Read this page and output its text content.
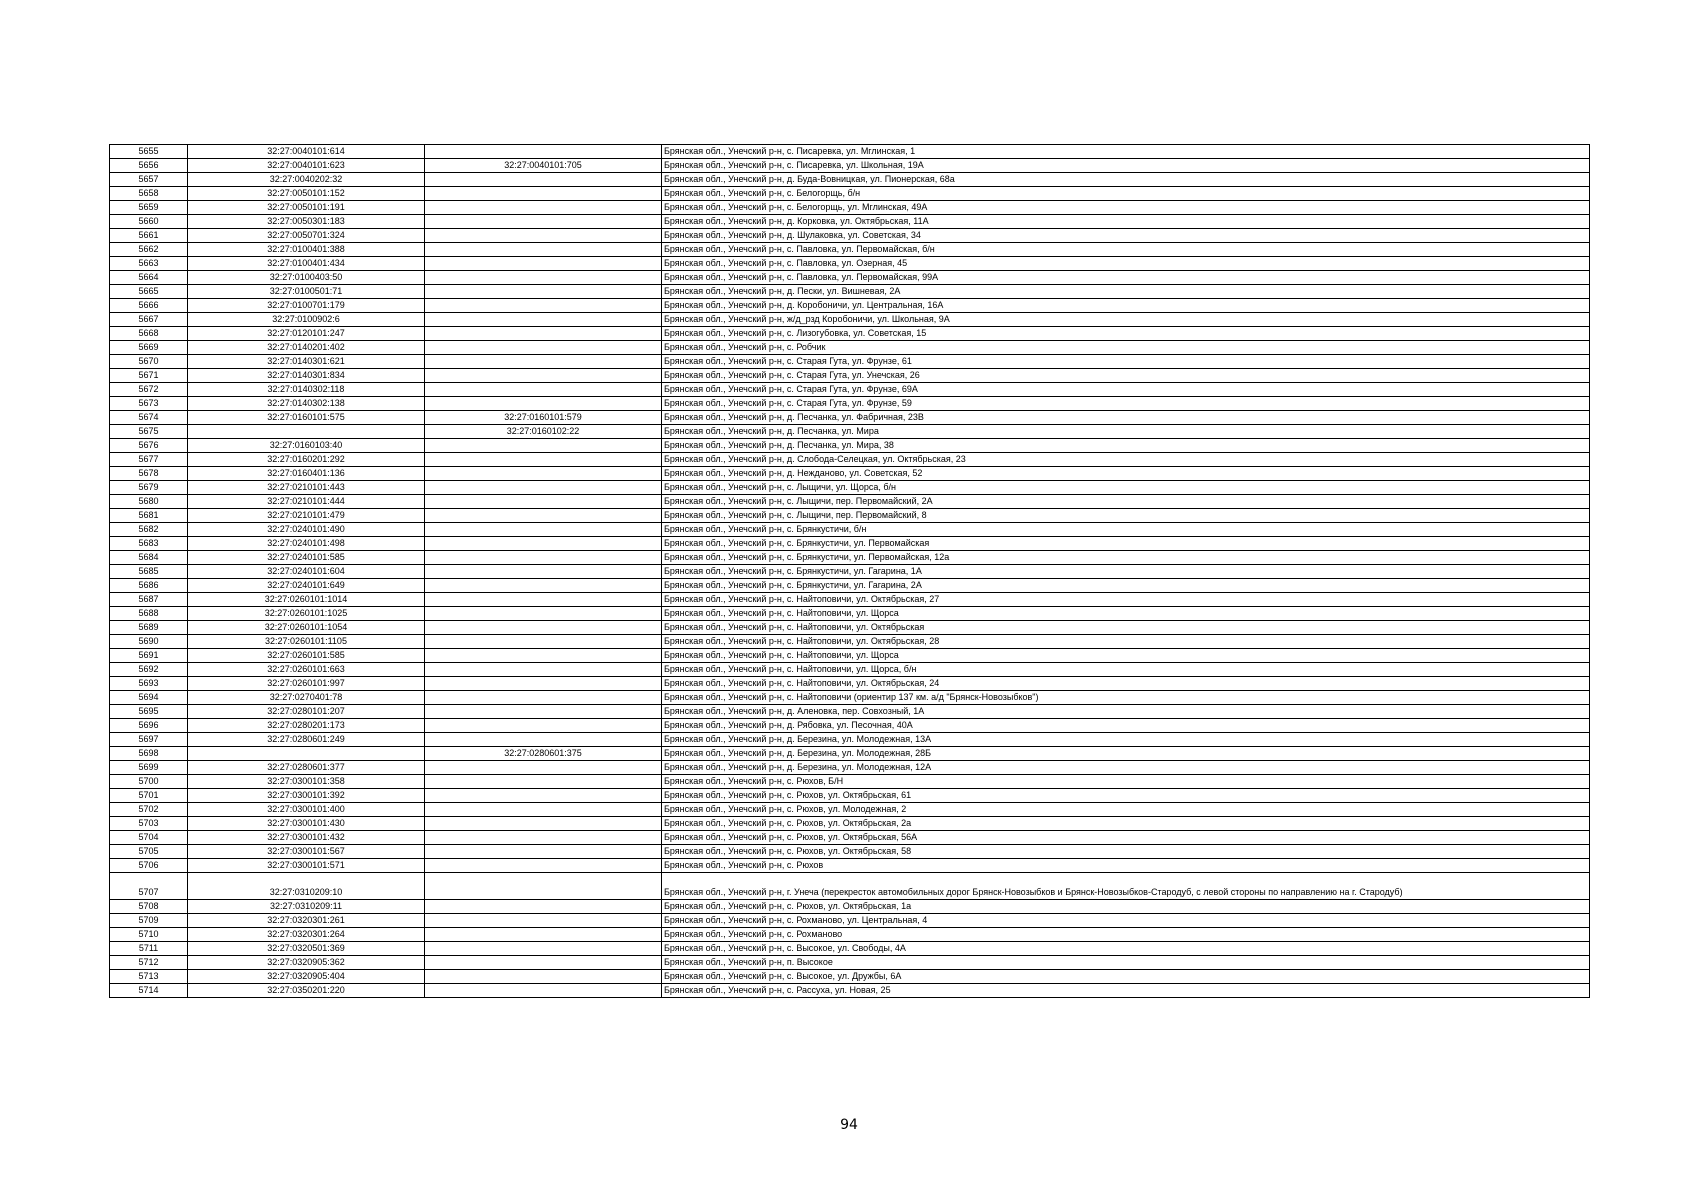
5655	32:27:0040101:614		Брянская обл., Унечский р-н, с. Писаревка, ул. Мглинская, 1
5656	32:27:0040101:623	32:27:0040101:705	Брянская обл., Унечский р-н, с. Писаревка, ул. Школьная, 19А
5657	32:27:0040202:32		Брянская обл., Унечский р-н, д. Буда-Вовницкая, ул. Пионерская, 68а
5658	32:27:0050101:152		Брянская обл., Унечский р-н, с. Белогорщь, б/н
5659	32:27:0050101:191		Брянская обл., Унечский р-н, с. Белогорщь, ул. Мглинская, 49А
5660	32:27:0050301:183		Брянская обл., Унечский р-н, д. Корковка, ул. Октябрьская, 11А
5661	32:27:0050701:324		Брянская обл., Унечский р-н, д. Шулаковка, ул. Советская, 34
5662	32:27:0100401:388		Брянская обл., Унечский р-н, с. Павловка, ул. Первомайская, б/н
5663	32:27:0100401:434		Брянская обл., Унечский р-н, с. Павловка, ул. Озерная, 45
5664	32:27:0100403:50		Брянская обл., Унечский р-н, с. Павловка, ул. Первомайская, 99А
5665	32:27:0100501:71		Брянская обл., Унечский р-н, д. Пески, ул. Вишневая, 2А
5666	32:27:0100701:179		Брянская обл., Унечский р-н, д. Коробоничи, ул. Центральная, 16А
5667	32:27:0100902:6		Брянская обл., Унечский р-н, ж/д_рзд Коробоничи, ул. Школьная, 9А
5668	32:27:0120101:247		Брянская обл., Унечский р-н, с. Лизогубовка, ул. Советская, 15
5669	32:27:0140201:402		Брянская обл., Унечский р-н, с. Робчик
5670	32:27:0140301:621		Брянская обл., Унечский р-н, с. Старая Гута, ул. Фрунзе, 61
5671	32:27:0140301:834		Брянская обл., Унечский р-н, с. Старая Гута, ул. Унечская, 26
5672	32:27:0140302:118		Брянская обл., Унечский р-н, с. Старая Гута, ул. Фрунзе, 69А
5673	32:27:0140302:138		Брянская обл., Унечский р-н, с. Старая Гута, ул. Фрунзе, 59
5674	32:27:0160101:575	32:27:0160101:579	Брянская обл., Унечский р-н, д. Песчанка, ул. Фабричная, 23В
5675		32:27:0160102:22	Брянская обл., Унечский р-н, д. Песчанка, ул. Мира
5676	32:27:0160103:40		Брянская обл., Унечский р-н, д. Песчанка, ул. Мира, 38
5677	32:27:0160201:292		Брянская обл., Унечский р-н, д. Слобода-Селецкая, ул. Октябрьская, 23
5678	32:27:0160401:136		Брянская обл., Унечский р-н, д. Нежданово, ул. Советская, 52
5679	32:27:0210101:443		Брянская обл., Унечский р-н, с. Лыщичи, ул. Щорса, б/н
5680	32:27:0210101:444		Брянская обл., Унечский р-н, с. Лыщичи, пер. Первомайский, 2А
5681	32:27:0210101:479		Брянская обл., Унечский р-н, с. Лыщичи, пер. Первомайский, 8
5682	32:27:0240101:490		Брянская обл., Унечский р-н, с. Брянкустичи, б/н
5683	32:27:0240101:498		Брянская обл., Унечский р-н, с. Брянкустичи, ул. Первомайская
5684	32:27:0240101:585		Брянская обл., Унечский р-н, с. Брянкустичи, ул. Первомайская, 12а
5685	32:27:0240101:604		Брянская обл., Унечский р-н, с. Брянкустичи, ул. Гагарина, 1А
5686	32:27:0240101:649		Брянская обл., Унечский р-н, с. Брянкустичи, ул. Гагарина, 2А
5687	32:27:0260101:1014		Брянская обл., Унечский р-н, с. Найтоповичи, ул. Октябрьская, 27
5688	32:27:0260101:1025		Брянская обл., Унечский р-н, с. Найтоповичи, ул. Щорса
5689	32:27:0260101:1054		Брянская обл., Унечский р-н, с. Найтоповичи, ул. Октябрьская
5690	32:27:0260101:1105		Брянская обл., Унечский р-н, с. Найтоповичи, ул. Октябрьская, 28
5691	32:27:0260101:585		Брянская обл., Унечский р-н, с. Найтоповичи, ул. Щорса
5692	32:27:0260101:663		Брянская обл., Унечский р-н, с. Найтоповичи, ул. Щорса, б/н
5693	32:27:0260101:997		Брянская обл., Унечский р-н, с. Найтоповичи, ул. Октябрьская, 24
5694	32:27:0270401:78		Брянская обл., Унечский р-н, с. Найтоповичи (ориентир 137 км. а/д "Брянск-Новозыбков")
5695	32:27:0280101:207		Брянская обл., Унечский р-н, д. Аленовка, пер. Совхозный, 1А
5696	32:27:0280201:173		Брянская обл., Унечский р-н, д. Рябовка, ул. Песочная, 40А
5697	32:27:0280601:249		Брянская обл., Унечский р-н, д. Березина, ул. Молодежная, 13А
5698		32:27:0280601:375	Брянская обл., Унечский р-н, д. Березина, ул. Молодежная, 28Б
5699	32:27:0280601:377		Брянская обл., Унечский р-н, д. Березина, ул. Молодежная, 12А
5700	32:27:0300101:358		Брянская обл., Унечский р-н, с. Рюхов, Б/Н
5701	32:27:0300101:392		Брянская обл., Унечский р-н, с. Рюхов, ул. Октябрьская, 61
5702	32:27:0300101:400		Брянская обл., Унечский р-н, с. Рюхов, ул. Молодежная, 2
5703	32:27:0300101:430		Брянская обл., Унечский р-н, с. Рюхов, ул. Октябрьская, 2а
5704	32:27:0300101:432		Брянская обл., Унечский р-н, с. Рюхов, ул. Октябрьская, 56А
5705	32:27:0300101:567		Брянская обл., Унечский р-н, с. Рюхов, ул. Октябрьская, 58
5706	32:27:0300101:571		Брянская обл., Унечский р-н, с. Рюхов
5707	32:27:0310209:10		Брянская обл., Унечский р-н, г. Унеча (перекресток автомобильных дорог Брянск-Новозыбков и Брянск-Новозыбков-Стародуб, с левой стороны по направлению на г. Стародуб)
5708	32:27:0310209:11		Брянская обл., Унечский р-н, с. Рюхов, ул. Октябрьская, 1а
5709	32:27:0320301:261		Брянская обл., Унечский р-н, с. Рохманово, ул. Центральная, 4
5710	32:27:0320301:264		Брянская обл., Унечский р-н, с. Рохманово
5711	32:27:0320501:369		Брянская обл., Унечский р-н, с. Высокое, ул. Свободы, 4А
5712	32:27:0320905:362		Брянская обл., Унечский р-н, п. Высокое
5713	32:27:0320905:404		Брянская обл., Унечский р-н, с. Высокое, ул. Дружбы, 6А
5714	32:27:0350201:220		Брянская обл., Унечский р-н, с. Рассуха, ул. Новая, 25
94
